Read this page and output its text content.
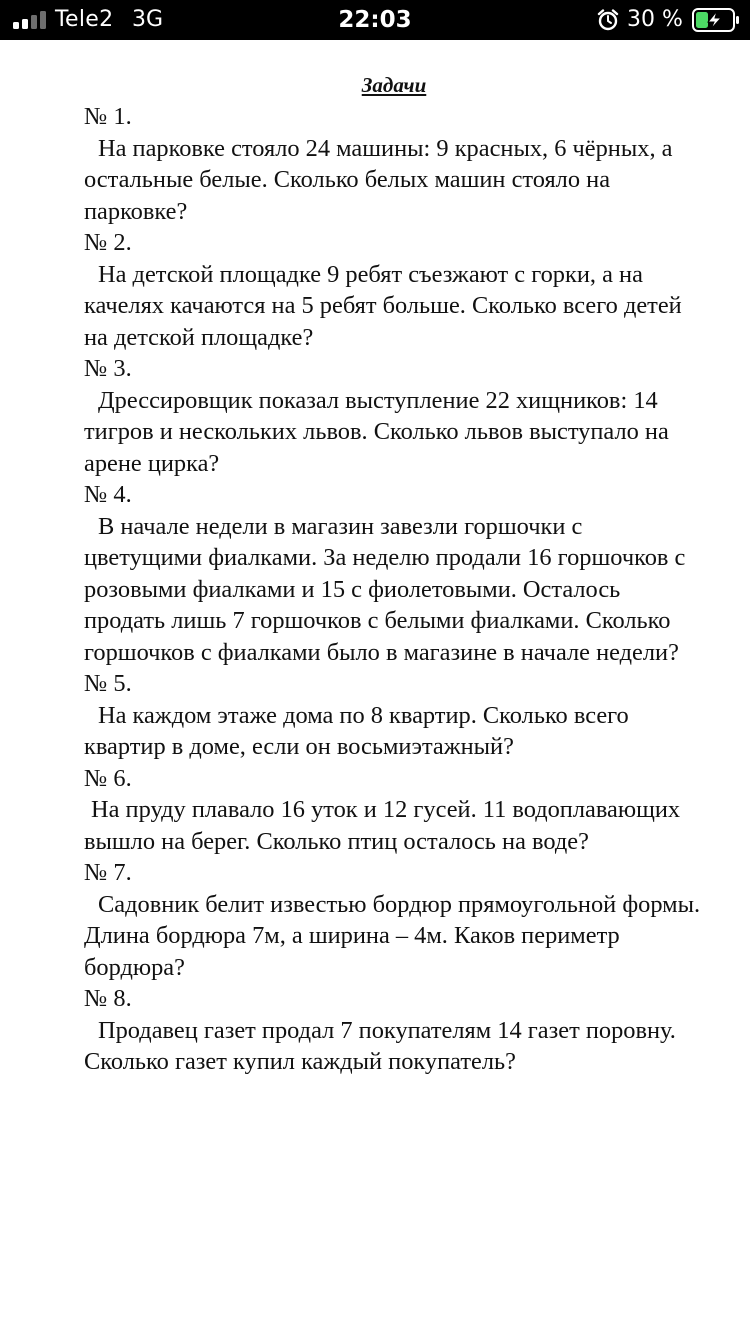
Tele2 3G	22:03	30 %
Задачи

№ 1.

На парковке стояло 24 машины: 9 красных, 6 чёрных, а остальные белые. Сколько белых машин стояло на парковке?

№ 2.

На детской площадке 9 ребят съезжают с горки, а на качелях качаются на 5 ребят больше. Сколько всего детей на детской площадке?

№ 3.

Дрессировщик показал выступление 22 хищников: 14 тигров и нескольких львов. Сколько львов выступало на арене цирка?

№ 4.

В начале недели в магазин завезли горшочки с цветущими фиалками. За неделю продали 16 горшочков с розовыми фиалками и 15 с фиолетовыми. Осталось продать лишь 7 горшочков с белыми фиалками. Сколько горшочков с фиалками было в магазине в начале недели?

№ 5.

На каждом этаже дома по 8 квартир. Сколько всего квартир в доме, если он восьмиэтажный?

№ 6.

На пруду плавало 16 уток и 12 гусей. 11 водоплавающих вышло на берег. Сколько птиц осталось на воде?

№ 7.

Садовник белит известью бордюр прямоугольной формы. Длина бордюра 7м, а ширина – 4м. Каков периметр бордюра?

№ 8.

Продавец газет продал 7 покупателям 14 газет поровну. Сколько газет купил каждый покупатель?
